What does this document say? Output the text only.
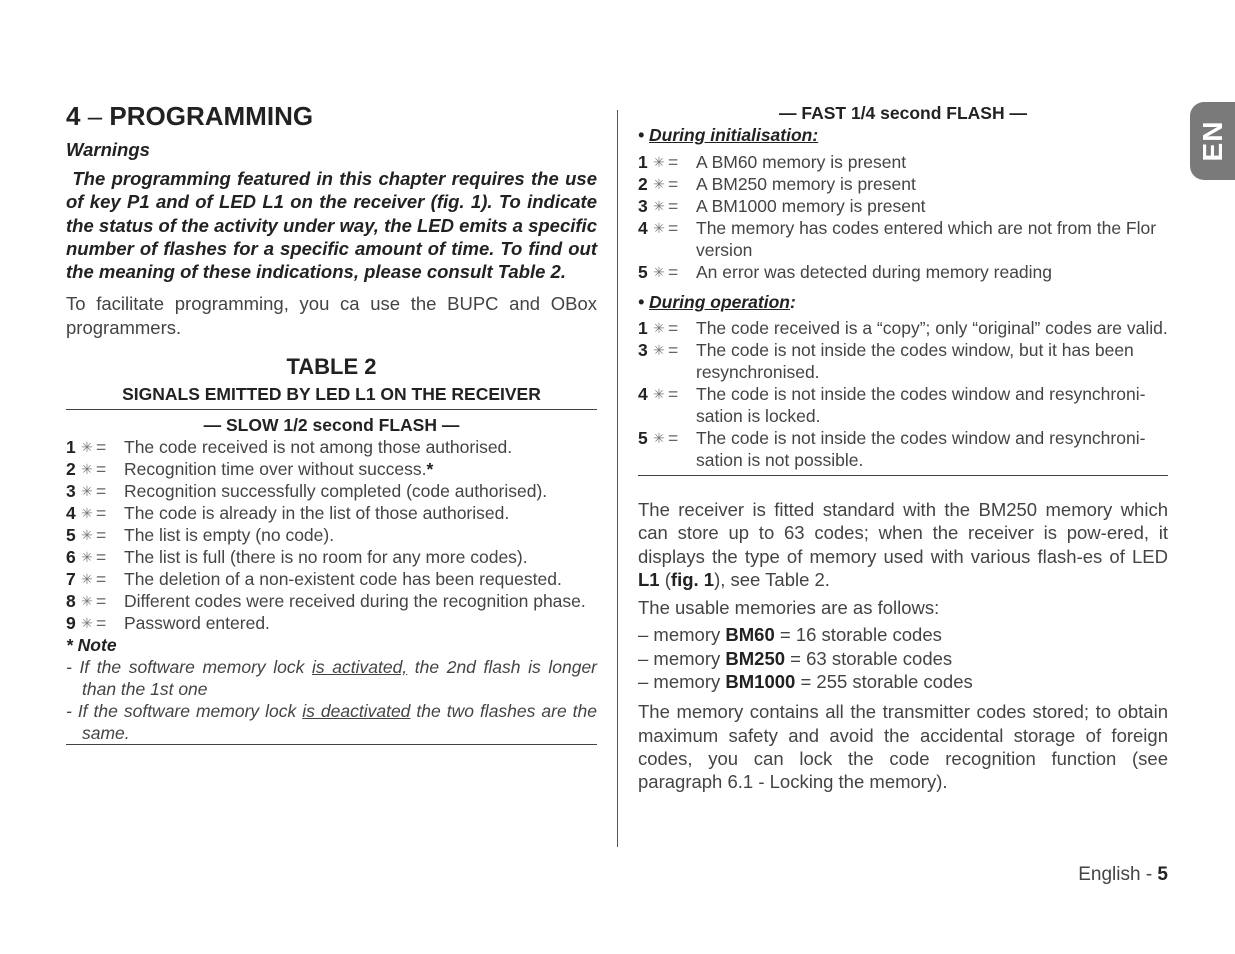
EN
4 – PROGRAMMING
Warnings
The programming featured in this chapter requires the use of key P1 and of LED L1 on the receiver (fig. 1). To indicate the status of the activity under way, the LED emits a specific number of flashes for a specific amount of time. To find out the meaning of these indications, please consult Table 2.
To facilitate programming, you ca use the BUPC and OBox programmers.
TABLE 2
SIGNALS EMITTED BY LED L1 ON THE RECEIVER
— SLOW 1/2 second FLASH —
1 ✳ =	The code received is not among those authorised.
2 ✳ =	Recognition time over without success.*
3 ✳ =	Recognition successfully completed (code authorised).
4 ✳ =	The code is already in the list of those authorised.
5 ✳ =	The list is empty (no code).
6 ✳ =	The list is full (there is no room for any more codes).
7 ✳ =	The deletion of a non-existent code has been requested.
8 ✳ =	Different codes were received during the recognition phase.
9 ✳ =	Password entered.
* Note
- If the software memory lock is activated, the 2nd flash is longer than the 1st one
- If the software memory lock is deactivated the two flashes are the same.
— FAST 1/4 second FLASH —
• During initialisation:
1 ✳ =	A BM60 memory is present
2 ✳ =	A BM250 memory is present
3 ✳ =	A BM1000 memory is present
4 ✳ =	The memory has codes entered which are not from the Flor version
5 ✳ =	An error was detected during memory reading
• During operation:
1 ✳ =	The code received is a “copy”; only “original” codes are valid.
3 ✳ =	The code is not inside the codes window, but it has been resynchronised.
4 ✳ =	The code is not inside the codes window and resynchroni-sation is locked.
5 ✳ =	The code is not inside the codes window and resynchroni-sation is not possible.
The receiver is fitted standard with the BM250 memory which can store up to 63 codes; when the receiver is pow-ered, it displays the type of memory used with various flash-es of LED L1 (fig. 1), see Table 2.
The usable memories are as follows:
– memory BM60 = 16 storable codes
– memory BM250 = 63 storable codes
– memory BM1000 = 255 storable codes
The memory contains all the transmitter codes stored; to obtain maximum safety and avoid the accidental storage of foreign codes, you can lock the code recognition function (see paragraph 6.1 - Locking the memory).
English - 5
